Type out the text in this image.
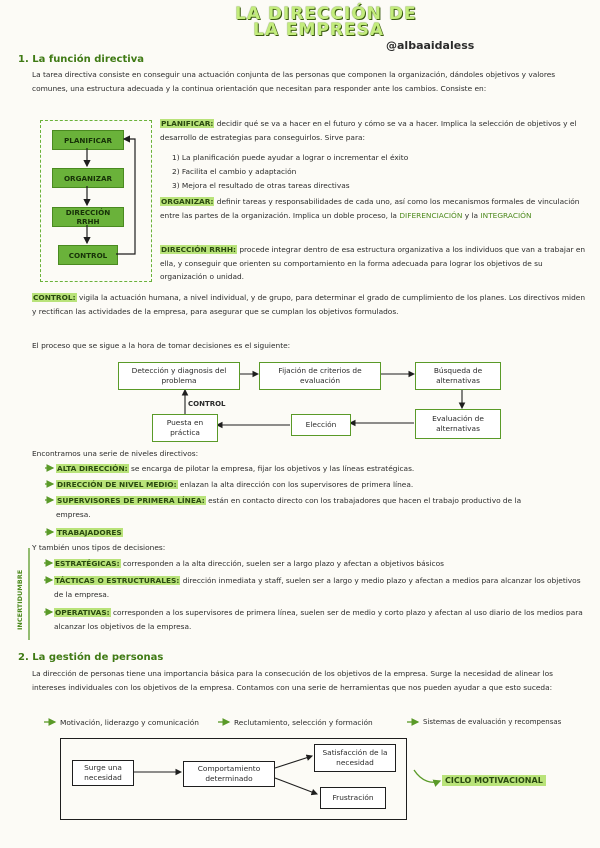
LA DIRECCIÓN DE
LA EMPRESA
@albaaidaless
1. La función directiva
La tarea directiva consiste en conseguir una actuación conjunta de las personas que componen la organización, dándoles objetivos y valores comunes, una estructura adecuada y la continua orientación que necesitan para responder ante los cambios. Consiste en:
PLANIFICAR
ORGANIZAR
DIRECCIÓN RRHH
CONTROL
PLANIFICAR: decidir qué se va a hacer en el futuro y cómo se va a hacer. Implica la selección de objetivos y el desarrollo de estrategias para conseguirlos. Sirve para:
1) La planificación puede ayudar a lograr o incrementar el éxito
2) Facilita el cambio y adaptación
3) Mejora el resultado de otras tareas directivas
ORGANIZAR: definir tareas y responsabilidades de cada uno, así como los mecanismos formales de vinculación entre las partes de la organización. Implica un doble proceso, la DIFERENCIACIÓN y la INTEGRACIÓN
DIRECCIÓN RRHH: procede integrar dentro de esa estructura organizativa a los individuos que van a trabajar en ella, y conseguir que orienten su comportamiento en la forma adecuada para lograr los objetivos de su organización o unidad.
CONTROL: vigila la actuación humana, a nivel individual, y de grupo, para determinar el grado de cumplimiento de los planes. Los directivos miden y rectifican las actividades de la empresa, para asegurar que se cumplan los objetivos formulados.
El proceso que se sigue a la hora de tomar decisiones es el siguiente:
Detección y diagnosis del problema
Fijación de criterios de evaluación
Búsqueda de alternativas
Evaluación de alternativas
Elección
Puesta en práctica
CONTROL
Encontramos una serie de niveles directivos:
ALTA DIRECCIÓN: se encarga de pilotar la empresa, fijar los objetivos y las líneas estratégicas.
DIRECCIÓN DE NIVEL MEDIO: enlazan la alta dirección con los supervisores de primera línea.
SUPERVISORES DE PRIMERA LÍNEA: están en contacto directo con los trabajadores que hacen el trabajo productivo de la empresa.
TRABAJADORES
Y también unos tipos de decisiones:
INCERTIDUMBRE
ESTRATÉGICAS: corresponden a la alta dirección, suelen ser a largo plazo y afectan a objetivos básicos
TÁCTICAS O ESTRUCTURALES: dirección inmediata y staff, suelen ser a largo y medio plazo y afectan a medios para alcanzar los objetivos de la empresa.
OPERATIVAS: corresponden a los supervisores de primera línea, suelen ser de medio y corto plazo y afectan al uso diario de los medios para alcanzar los objetivos de la empresa.
2. La gestión de personas
La dirección de personas tiene una importancia básica para la consecución de los objetivos de la empresa. Surge la necesidad de alinear los intereses individuales con los objetivos de la empresa. Contamos con una serie de herramientas que nos pueden ayudar a que esto suceda:
Motivación, liderazgo y comunicación	Reclutamiento, selección y formación	Sistemas de evaluación y recompensas
Surge una necesidad
Comportamiento determinado
Satisfacción de la necesidad
Frustración
CICLO MOTIVACIONAL
